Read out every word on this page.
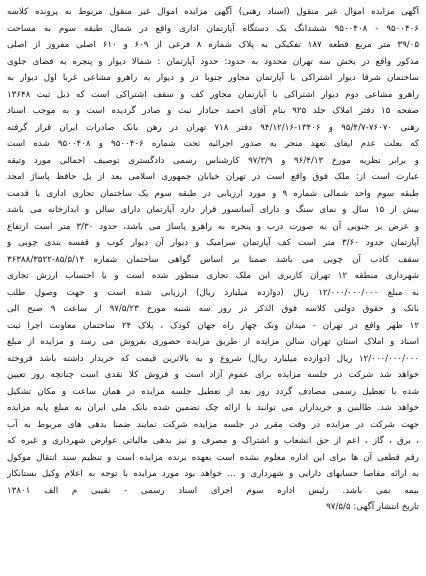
آگهی مزایده اموال غیر منقول (اسناد رهنی) آگهی مزایده اموال غیر منقول مربوط به پرونده کلاسه
۹۵۰۰۴۰۶ - ۹۵۰۰۴۰۸ ششدانگ یک دستگاه آپارتمان اداری واقع در شمال طبقه سوم به مساحت
۳۹/۰۵ متر مربع قطعه ۱۸۷ تفکیکی به پلاک شماره ۸ فرعی از ۶۰۹ و ۶۱۰ اصلی مفروز از اصلی
مذکور واقع در بخش سه تهران محدود به حدود: حدود آپارتمان : شمالا دیوار و پنجره به فضای جلوی
ساختمان شرقا دیوار اشتراکی با آپارتمان مجاور جنوبا در و دیوار به راهرو مشاعی غربا اول دیوار به
راهرو مشاعی دوم دیوار اشتراکی با آپارتمان مجاور کف و سقف اشتراکی است که ذیل ثبت ۱۳۶۴۸
صفحه ۱۵ دفتر املاک جلد ۹۲۵ بنام آقای احمد حیادار ثبت و صادر گردیده است و به موجب اسناد
رهنی ۷۶۰۷۰-۹۵/۴/۷ و ۱۳۴۰۶-۹۴/۱۲/۱۶ دفتر ۷۱۸ تهران در رهن بانک صادرات ایران قرار گرفته
که بعلت عدم ایفای تعهد منجر به صدور اجرائیه تحت شماره ۹۵۰۰۴۰۶ و ۹۵۰۰۴۰۸ شده است
و برابر نظریه مورخ ۹۶/۴/۱۳ و ۹۷/۳/۹ کارشناس رسمی دادگستری توصیف اجمالی مورد وثیقه
عبارت است از: ملک فوق واقع است در تهران خیابان جمهوری اسلامی بعد از پل حافظ پاساژ امجد
طبقه سوم واحد شمالی شماره ۹ و مورد ارزیابی در طبقه سوم یک ساختمان تجاری اداری با قدمت
بیش از ۱۵ سال و نمای سنگ و دارای آسانسور قرار دارد آپارتمان دارای سالن و ابدارخانه می باشد
و عرض بر جنوبی آن به صورت درب و پنجره به راهرو پاساژ می باشد، حدود ۳/۳۰ متر است ارتفاع
آپارتمان حدود ۳/۶۰ متر است کف آپارتمان سرامیک و دیوار آن دیوار کوب و قفسه بندی چوبی و
سقف کاذب آن چوبی می باشد ضمنا بر اساس گواهی ساختمان شماره ۸۵/۵/۱۴-۳۶۳۸۸/۳۵۲۲
شهرداری منطقه ۱۲ تهران کاربری این ملک تجاری منظور شده است و با احتساب ارزش تجاری
به مبلغ ۱۲/۰۰۰/۰۰۰/۰۰۰ ریال (دوازده میلیارد ریال) ارزیابی شده است و جهت وصول طلب
بانک و حقوق دولتی کلاسه فوق الذکر در روز سه شنبه مورخ ۹۷/۵/۲۳ از ساعت ۹ صبح الی
۱۲ ظهر واقع در تهران - میدان ونک چهار راه جهان کودک ، پلاک ۲۴ ساختمان معاونت اجرا ثبت
اسناد و املاک استان تهران سالن مزایده از طریق مزایده حضوری بفروش می رسد و مزایده از مبلغ
۱۲/۰۰۰/۰۰۰/۰۰۰ ریال (دوازده میلیارد ریال) شروع و به بالاترین قیمت که خریدار داشته باشد فروخته
خواهد شد شرکت در جلسه مزایده برای عموم آزاد است و فروش کلا نقدی است چنانچه روز تعیین
شده با تعطیل رسمی مصادف گردد روز بعد از تعطیل جلسه مزایده در همان ساعت و مکان تشکیل
خواهد شد. طالبین و خریداران می توانند با ارائه چک تضمین شده بانک ملی ایران به مبلغ پایه مزایده
جهت شرکت در مزایده در وقت مقرر در جلسه مزایده شرکت نمایند ضمنا بدهی های مربوط به آب
، برق ، گاز ، اعم از حق انشعاب و اشتراک و مصرف و نیز بدهی مالیاتی عوارض شهرداری و غیره که
رقم قطعی آن ها برای این اداره معلوم نشده است بعهده برنده مزایده است و تنظیم سند انتقال موکول
به ارائه مفاصا حسابهای دارایی و شهرداری و ... خواهد بود مورد مزایده با توجه به اعلام وکیل بستانکار
بیمه نمی باشد. رئیس اداره سوم اجرای اسناد رسمی - نقیبی م الف ۱۳۸۰۱
تاریخ انتشار آگهی: ۹۷/۵/۵
